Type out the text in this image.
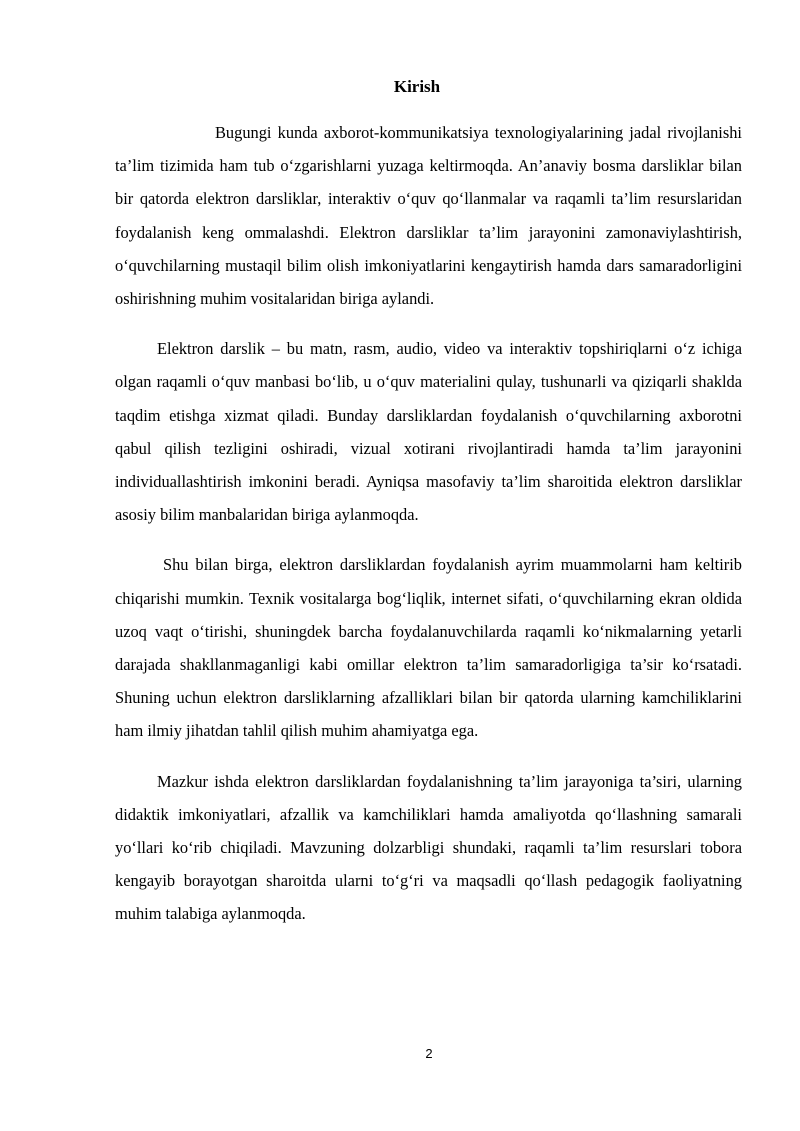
Kirish

Bugungi kunda axborot-kommunikatsiya texnologiyalarining jadal rivojlanishi ta’lim tizimida ham tub o‘zgarishlarni yuzaga keltirmoqda. An’anaviy bosma darsliklar bilan bir qatorda elektron darsliklar, interaktiv o‘quv qo‘llanmalar va raqamli ta’lim resurslaridan foydalanish keng ommalashdi. Elektron darsliklar ta’lim jarayonini zamonaviylashtirish, o‘quvchilarning mustaqil bilim olish imkoniyatlarini kengaytirish hamda dars samaradorligini oshirishning muhim vositalaridan biriga aylandi.

Elektron darslik – bu matn, rasm, audio, video va interaktiv topshiriqlarni o‘z ichiga olgan raqamli o‘quv manbasi bo‘lib, u o‘quv materialini qulay, tushunarli va qiziqarli shaklda taqdim etishga xizmat qiladi. Bunday darsliklardan foydalanish o‘quvchilarning axborotni qabul qilish tezligini oshiradi, vizual xotirani rivojlantiradi hamda ta’lim jarayonini individuallashtirish imkonini beradi. Ayniqsa masofaviy ta’lim sharoitida elektron darsliklar asosiy bilim manbalaridan biriga aylanmoqda.

Shu bilan birga, elektron darsliklardan foydalanish ayrim muammolarni ham keltirib chiqarishi mumkin. Texnik vositalarga bog‘liqlik, internet sifati, o‘quvchilarning ekran oldida uzoq vaqt o‘tirishi, shuningdek barcha foydalanuvchilarda raqamli ko‘nikmalarning yetarli darajada shakllanmaganligi kabi omillar elektron ta’lim samaradorligiga ta’sir ko‘rsatadi. Shuning uchun elektron darsliklarning afzalliklari bilan bir qatorda ularning kamchiliklarini ham ilmiy jihatdan tahlil qilish muhim ahamiyatga ega.

Mazkur ishda elektron darsliklardan foydalanishning ta’lim jarayoniga ta’siri, ularning didaktik imkoniyatlari, afzallik va kamchiliklari hamda amaliyotda qo‘llashning samarali yo‘llari ko‘rib chiqiladi. Mavzuning dolzarbligi shundaki, raqamli ta’lim resurslari tobora kengayib borayotgan sharoitda ularni to‘g‘ri va maqsadli qo‘llash pedagogik faoliyatning muhim talabiga aylanmoqda.

2
